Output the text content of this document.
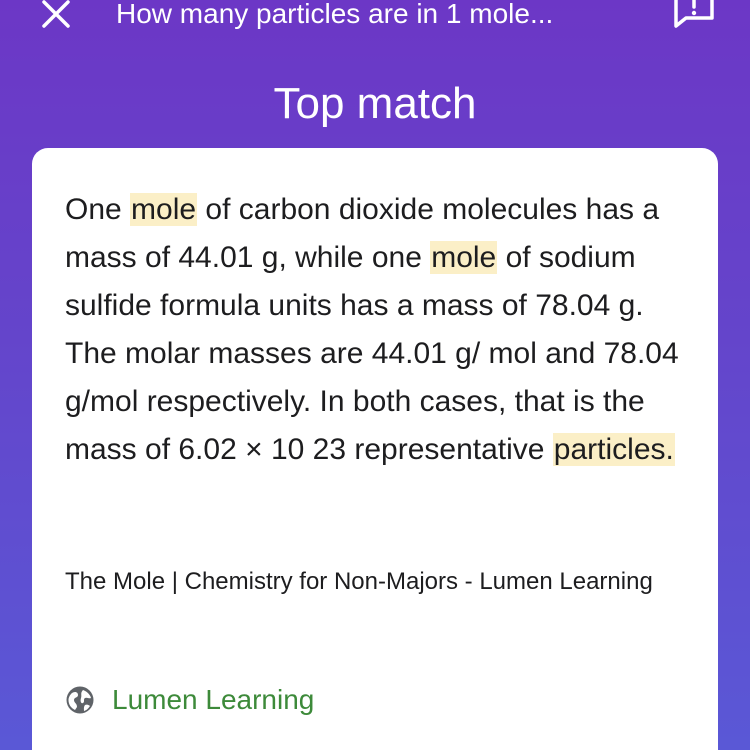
How many particles are in 1 mole...
Top match

One mole of carbon dioxide molecules has a mass of 44.01 g, while one mole of sodium sulfide formula units has a mass of 78.04 g. The molar masses are 44.01 g/ mol and 78.04 g/mol respectively. In both cases, that is the mass of 6.02 × 10 23 representative particles.

The Mole | Chemistry for Non-Majors - Lumen Learning
Lumen Learning
